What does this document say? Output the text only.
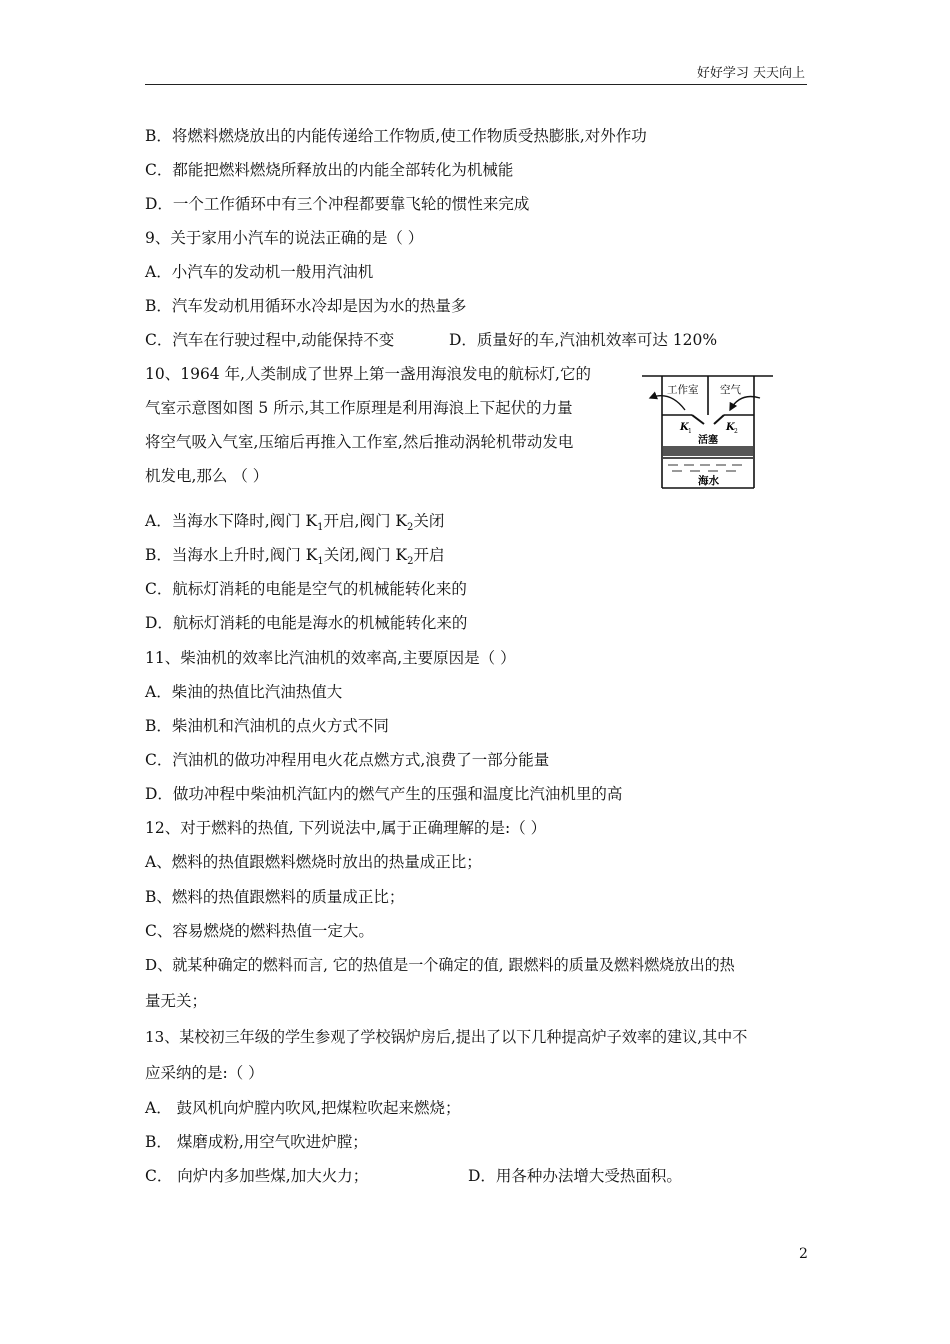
好好学习 天天向上
B．将燃料燃烧放出的内能传递给工作物质,使工作物质受热膨胀,对外作功
C．都能把燃料燃烧所释放出的内能全部转化为机械能
D．一个工作循环中有三个冲程都要靠飞轮的惯性来完成
9、关于家用小汽车的说法正确的是（ ）
A．小汽车的发动机一般用汽油机
B．汽车发动机用循环水冷却是因为水的热量多
C．汽车在行驶过程中,动能保持不变	D．质量好的车,汽油机效率可达 120%
10、1964 年,人类制成了世界上第一盏用海浪发电的航标灯,它的
气室示意图如图 5 所示,其工作原理是利用海浪上下起伏的力量
将空气吸入气室,压缩后再推入工作室,然后推动涡轮机带动发电
机发电,那么 （ ）
A．当海水下降时,阀门 $K_1$开启,阀门 $K_2$关闭
B．当海水上升时,阀门 $K_1$关闭,阀门 $K_2$开启
C．航标灯消耗的电能是空气的机械能转化来的
D．航标灯消耗的电能是海水的机械能转化来的
11、柴油机的效率比汽油机的效率高,主要原因是（ ）
A．柴油的热值比汽油热值大
B．柴油机和汽油机的点火方式不同
C．汽油机的做功冲程用电火花点燃方式,浪费了一部分能量
D．做功冲程中柴油机汽缸内的燃气产生的压强和温度比汽油机里的高
12、对于燃料的热值, 下列说法中,属于正确理解的是:（ ）
A、燃料的热值跟燃料燃烧时放出的热量成正比；
B、燃料的热值跟燃料的质量成正比；
C、容易燃烧的燃料热值一定大。
D、就某种确定的燃料而言, 它的热值是一个确定的值, 跟燃料的质量及燃料燃烧放出的热
量无关；
13、某校初三年级的学生参观了学校锅炉房后,提出了以下几种提高炉子效率的建议,其中不
应采纳的是:（ ）
A． 鼓风机向炉膛内吹风,把煤粒吹起来燃烧；
B． 煤磨成粉,用空气吹进炉膛；
C． 向炉内多加些煤,加大火力；	D．用各种办法增大受热面积。
工作室 空气
K 1	K 2
活塞
海水
2
